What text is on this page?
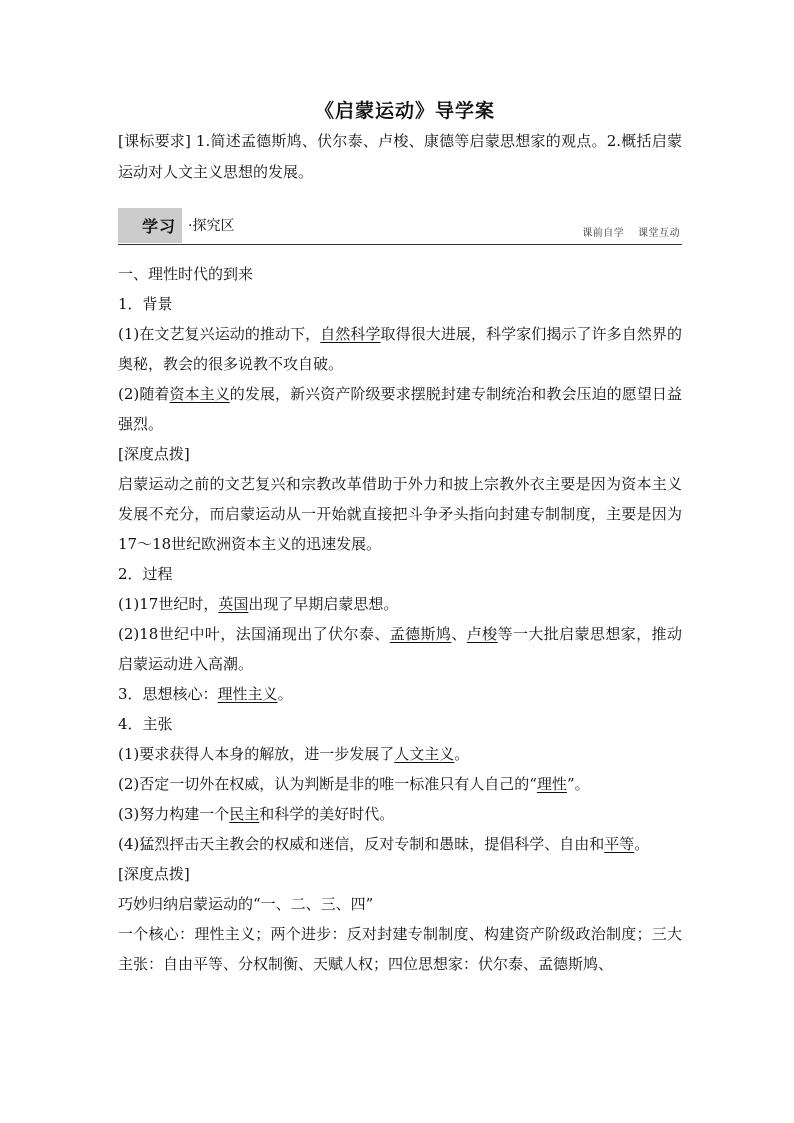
《启蒙运动》导学案

[课标要求] 1.简述孟德斯鸠、伏尔泰、卢梭、康德等启蒙思想家的观点。2.概括启蒙运动对人文主义思想的发展。

学习 ·探究区	课前自学 课堂互动

一、理性时代的到来

1．背景

(1)在文艺复兴运动的推动下，自然科学取得很大进展，科学家们揭示了许多自然界的奥秘，教会的很多说教不攻自破。

(2)随着资本主义的发展，新兴资产阶级要求摆脱封建专制统治和教会压迫的愿望日益强烈。

[深度点拨]

启蒙运动之前的文艺复兴和宗教改革借助于外力和披上宗教外衣主要是因为资本主义发展不充分，而启蒙运动从一开始就直接把斗争矛头指向封建专制制度，主要是因为17～18世纪欧洲资本主义的迅速发展。

2．过程

(1)17世纪时，英国出现了早期启蒙思想。

(2)18世纪中叶，法国涌现出了伏尔泰、孟德斯鸠、卢梭等一大批启蒙思想家，推动启蒙运动进入高潮。

3．思想核心：理性主义。

4．主张

(1)要求获得人本身的解放，进一步发展了人文主义。

(2)否定一切外在权威，认为判断是非的唯一标准只有人自己的“理性”。

(3)努力构建一个民主和科学的美好时代。

(4)猛烈抨击天主教会的权威和迷信，反对专制和愚昧，提倡科学、自由和平等。

[深度点拨]

巧妙归纳启蒙运动的“一、二、三、四”

一个核心：理性主义；两个进步：反对封建专制制度、构建资产阶级政治制度；三大主张：自由平等、分权制衡、天赋人权；四位思想家：伏尔泰、孟德斯鸠、
